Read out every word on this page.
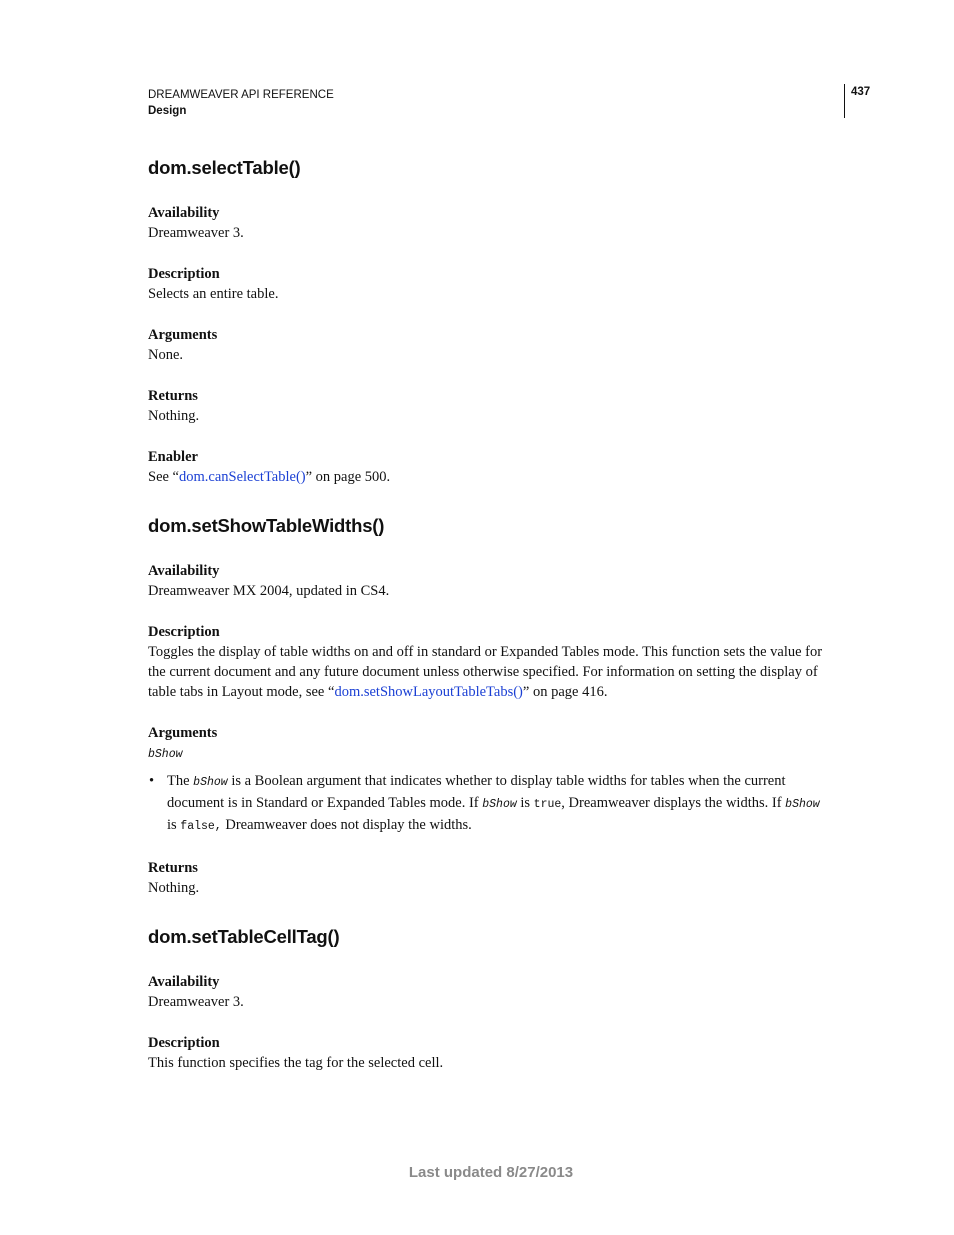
DREAMWEAVER API REFERENCE
Design
437
dom.selectTable()

Availability

Dreamweaver 3.

Description

Selects an entire table.

Arguments

None.

Returns

Nothing.

Enabler

See “dom.canSelectTable()” on page 500.

dom.setShowTableWidths()

Availability

Dreamweaver MX 2004, updated in CS4.

Description

Toggles the display of table widths on and off in standard or Expanded Tables mode. This function sets the value for the current document and any future document unless otherwise specified. For information on setting the display of table tabs in Layout mode, see “dom.setShowLayoutTableTabs()” on page 416.

Arguments

bShow

• The bShow is a Boolean argument that indicates whether to display table widths for tables when the current document is in Standard or Expanded Tables mode. If bShow is true, Dreamweaver displays the widths. If bShow
is false, Dreamweaver does not display the widths.

Returns

Nothing.

dom.setTableCellTag()

Availability

Dreamweaver 3.

Description

This function specifies the tag for the selected cell.

Last updated 8/27/2013
